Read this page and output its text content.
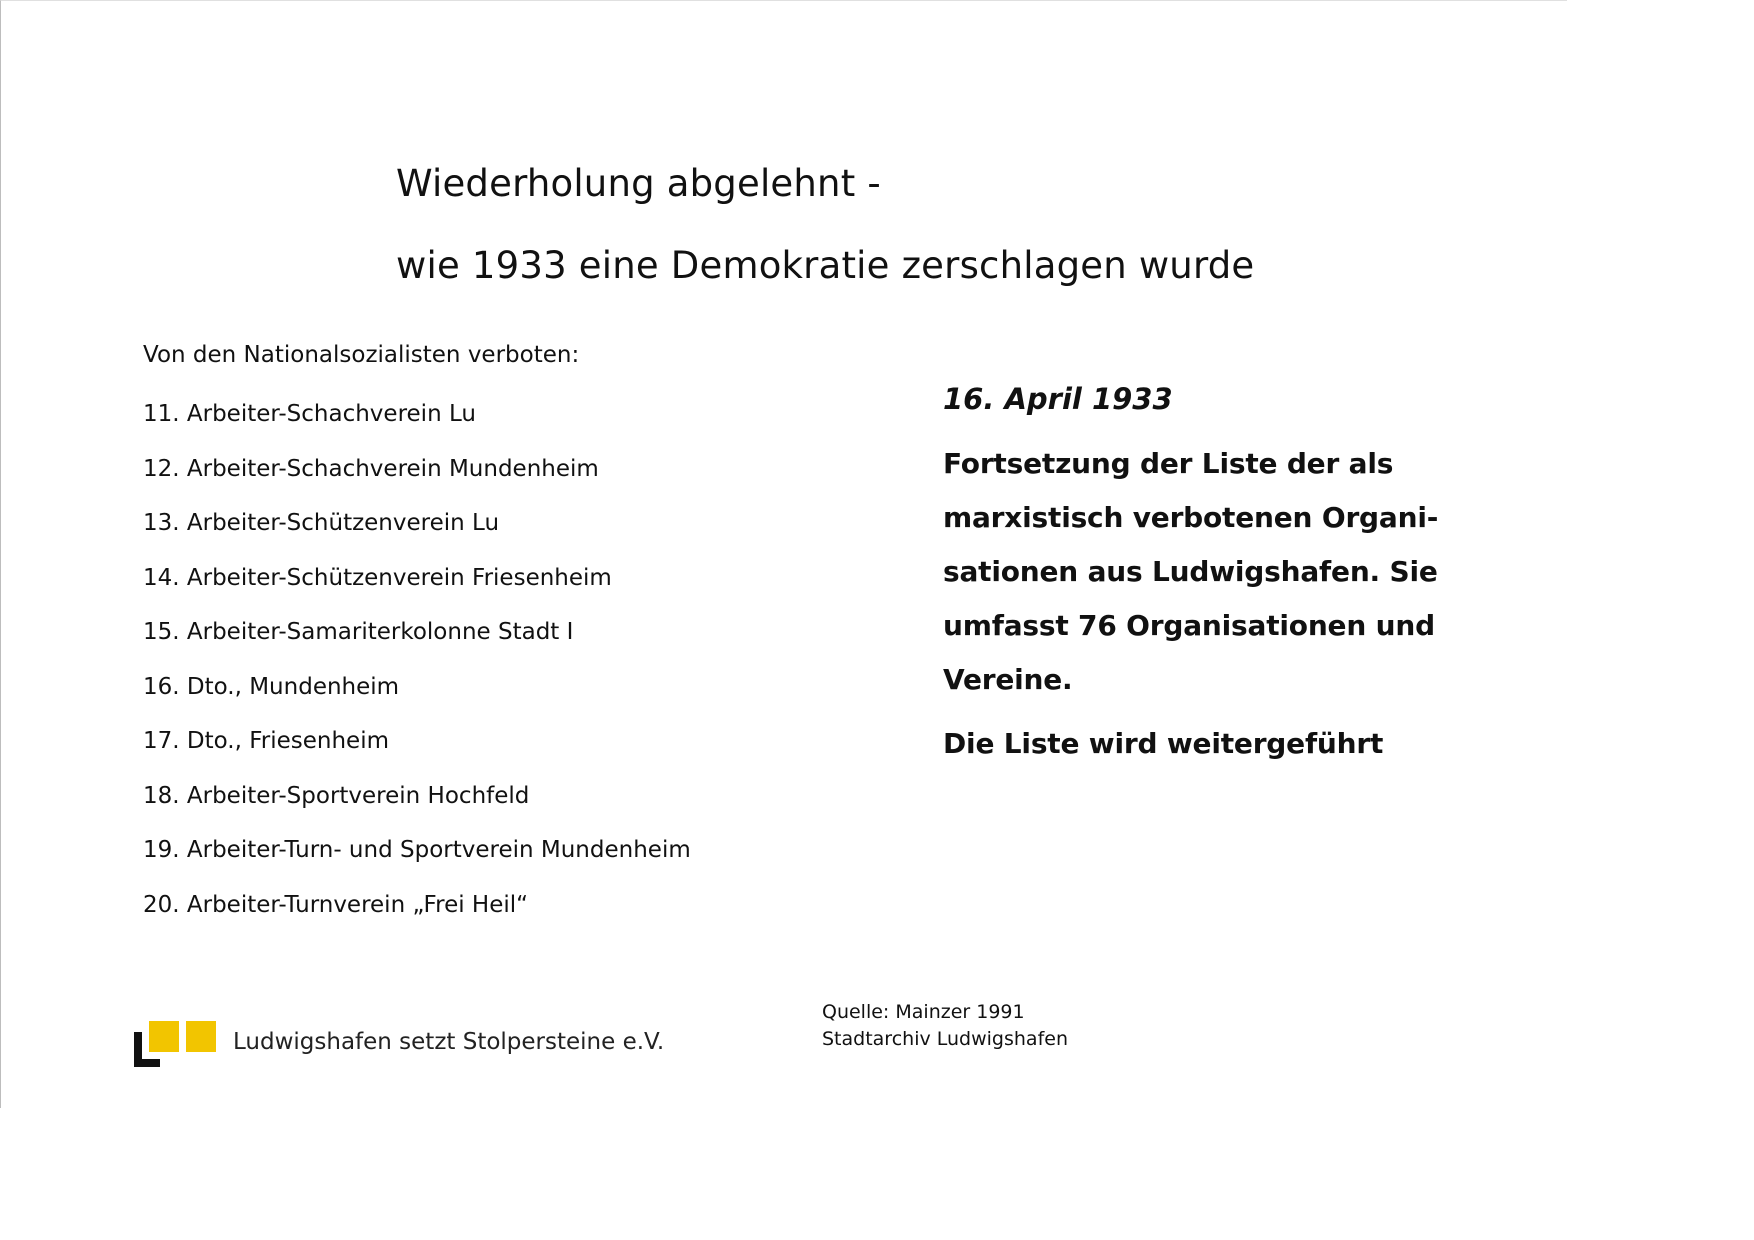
Wiederholung abgelehnt -
wie 1933 eine Demokratie zerschlagen wurde
Von den Nationalsozialisten verboten:
11. Arbeiter-Schachverein Lu
12. Arbeiter-Schachverein Mundenheim
13. Arbeiter-Schützenverein Lu
14. Arbeiter-Schützenverein Friesenheim
15. Arbeiter-Samariterkolonne Stadt I
16. Dto., Mundenheim
17. Dto., Friesenheim
18. Arbeiter-Sportverein Hochfeld
19. Arbeiter-Turn- und Sportverein Mundenheim
20. Arbeiter-Turnverein „Frei Heil“

16. April 1933

Fortsetzung der Liste der als
marxistisch verbotenen Organi-
sationen aus Ludwigshafen. Sie
umfasst 76 Organisationen und
Vereine.

Die Liste wird weitergeführt

Ludwigshafen setzt Stolpersteine e.V.
Quelle: Mainzer 1991
Stadtarchiv Ludwigshafen
